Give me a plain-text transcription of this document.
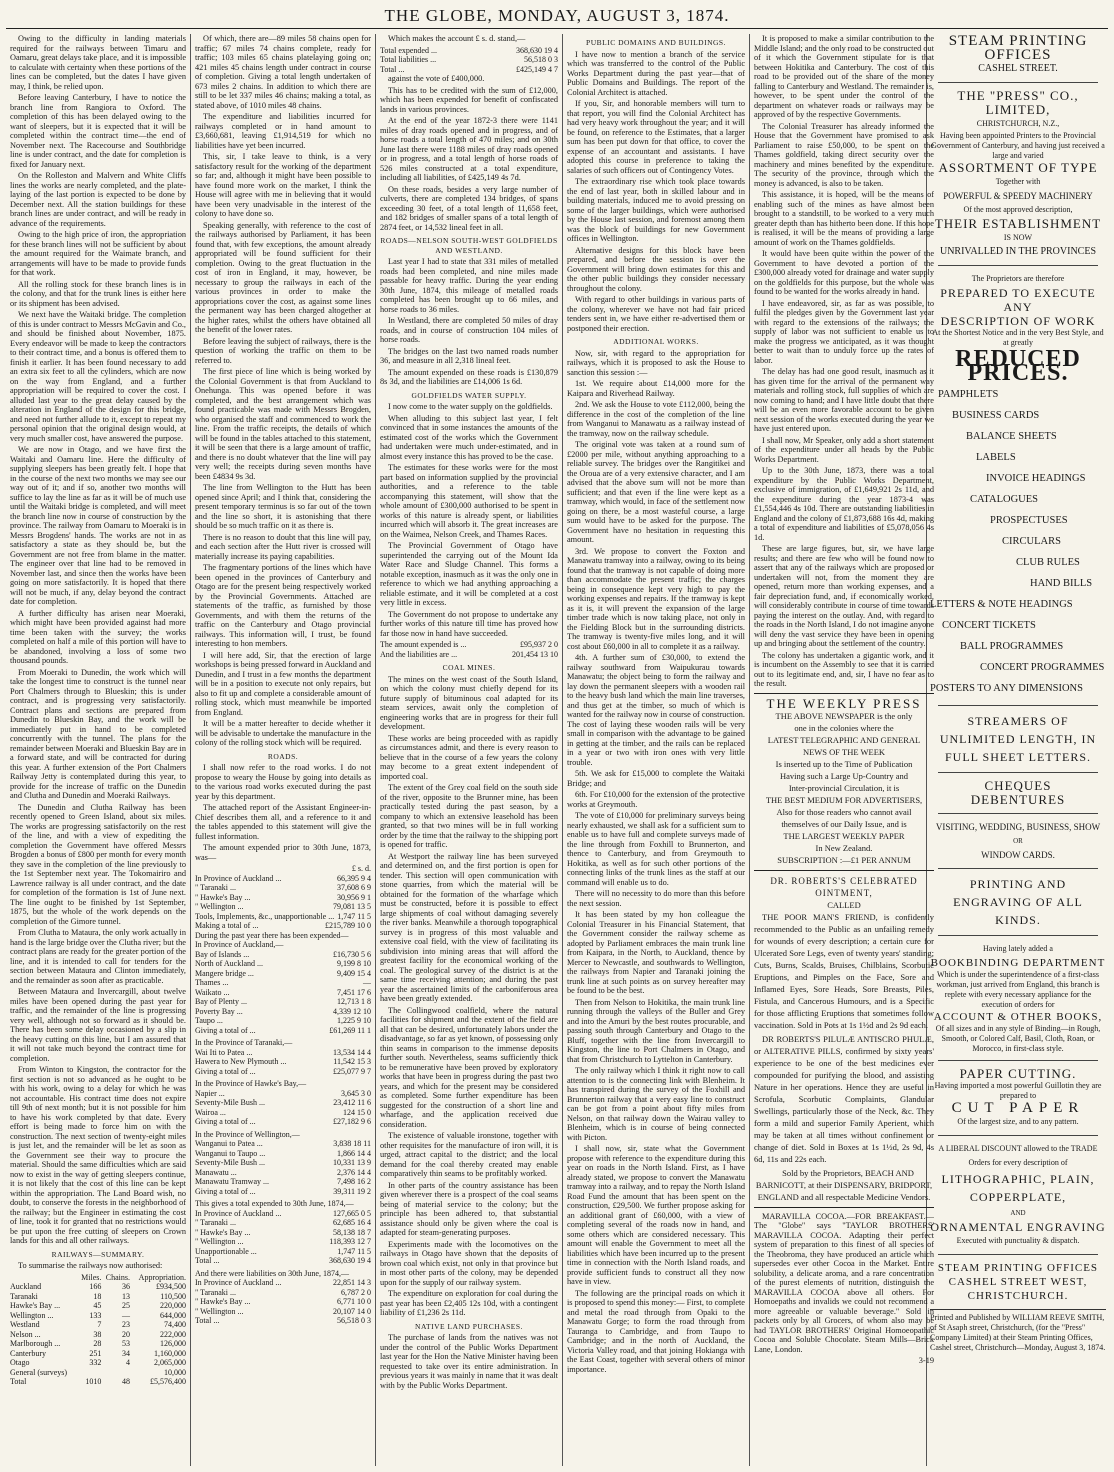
THE GLOBE, MONDAY, AUGUST 3, 1874.

Owing to the difficulty in landing materials required for the railways between Timaru and Oamaru, great delays take place, and it is impossible to calculate with certainty when these portions of the lines can be completed, but the dates I have given may, I think, be relied upon.

Before leaving Canterbury, I have to notice the branch line from Rangiora to Oxford. The completion of this has been delayed owing to the want of sleepers, but it is expected that it will be completed within the contract time—the end of November next. The Racecourse and Southbridge line is under contract, and the date for completion is fixed for January next.

On the Rolleston and Malvern and White Cliffs lines the works are nearly completed, and the plate-laying of the last portion is expected to be done by December next. All the station buildings for these branch lines are under contract, and will be ready in advance of the requirements.

Owing to the high price of iron, the appropriation for these branch lines will not be sufficient by about the amount required for the Waimate branch, and arrangements will have to be made to provide funds for that work.

All the rolling stock for these branch lines is in the colony, and that for the trunk lines is either here or its shipment has been advised.

We next have the Waitaki bridge. The completion of this is under contract to Messrs McGavin and Co., and should be finished about November, 1875. Every endeavor will be made to keep the contractors to their contract time, and a bonus is offered them to finish it earlier. It has been found necessary to add an extra six feet to all the cylinders, which are now on the way from England, and a further appropriation will be required to cover the cost. I alluded last year to the great delay caused by the alteration in England of the design for this bridge, and need not further allude to it, except to repeat my personal opinion that the original design would, at very much smaller cost, have answered the purpose.

We are now in Otago, and we have first the Waitaki and Oamaru line. Here the difficulty of supplying sleepers has been greatly felt. I hope that in the course of the next two months we may see our way out of it; and if so, another two months will suffice to lay the line as far as it will be of much use until the Waitaki bridge is completed, and will meet the branch line now in course of construction by the province. The railway from Oamaru to Moeraki is in Messrs Brogdens' hands. The works are not in as satisfactory a state as they should be, but the Government are not free from blame in the matter. The engineer over that line had to be removed in November last, and since then the works have been going on more satisfactorily. It is hoped that there will not be much, if any, delay beyond the contract date for completion.

A further difficulty has arisen near Moeraki, which might have been provided against had more time been taken with the survey; the works completed on half a mile of this portion will have to be abandoned, involving a loss of some two thousand pounds.

From Moeraki to Dunedin, the work which will take the longest time to construct is the tunnel near Port Chalmers through to Blueskin; this is under contract, and is progressing very satisfactorily. Contract plans and sections are prepared from Dunedin to Blueskin Bay, and the work will be immediately put in hand to be completed concurrently with the tunnel. The plans for the remainder between Moeraki and Blueskin Bay are in a forward state, and will be contracted for during this year. A further extension of the Port Chalmers Railway Jetty is contemplated during this year, to provide for the increase of traffic on the Dunedin and Clutha and Dunedin and Moeraki Railways.

The Dunedin and Clutha Railway has been recently opened to Green Island, about six miles. The works are progressing satisfactorily on the rest of the line, and with a view of expediting the completion the Government have offered Messrs Brogden a bonus of £800 per month for every month they save in the completion of the line previously to the 1st September next year. The Tokomairiro and Lawrence railway is all under contract, and the date for completion of the formation is 1st of June next. The line ought to be finished by 1st September, 1875, but the whole of the work depends on the completion of the Gimore tunnel.

From Clutha to Mataura, the only work actually in hand is the large bridge over the Clutha river; but the contract plans are ready for the greater portion of the line, and it is intended to call for tenders for the section between Mataura and Clinton immediately, and the remainder as soon after as practicable.

Between Mataura and Invercargill, about twelve miles have been opened during the past year for traffic, and the remainder of the line is progressing very well, although not so forward as it should be. There has been some delay occasioned by a slip in the heavy cutting on this line, but I am assured that it will not take much beyond the contract time for completion.

From Winton to Kingston, the contractor for the first section is not so advanced as he ought to be with his work, owing to a delay for which he was not accountable. His contract time does not expire till 9th of next month; but it is not possible for him to have his work completed by that date. Every effort is being made to force him on with the construction. The next section of twenty-eight miles is just let, and the remainder will be let as soon as the Government see their way to procure the material. Should the same difficulties which are said now to exist in the way of getting sleepers continue, it is not likely that the cost of this line can be kept within the appropriation. The Land Board wish, no doubt, to conserve the forests in the neighborhood of the railway; but the Engineer in estimating the cost of line, took it for granted that no restrictions would be put upon the free cutting of sleepers on Crown lands for this and all other railways.

RAILWAYS—SUMMARY.

To summarise the railways now authorised:

	Miles.	Chains.	Appropriation.
Auckland	166	36	£934,500
Taranaki	18	13	110,500
Hawke's Bay ...	45	25	220,000
Wellington ...	133	—	644,000
Westland	7	23	74,400
Nelson ...	38	20	222,000
Marlborough ...	28	53	126,000
Canterbury	251	34	1,160,000
Otago	332	4	2,065,000
General (surveys)			10,000
Total	1010	48	£5,576,400

Of which, there are—89 miles 58 chains open for traffic; 67 miles 74 chains complete, ready for traffic; 103 miles 65 chains platelaying going on; 421 miles 45 chains length under contract in course of completion. Giving a total length undertaken of 673 miles 2 chains. In addition to which there are still to be let 337 miles 46 chains; making a total, as stated above, of 1010 miles 48 chains.

The expenditure and liabilities incurred for railways completed or in hand amount to £3,660,681, leaving £1,914,519 for which no liabilities have yet been incurred.

This, sir, I take leave to think, is a very satisfactory result for the working of the department so far; and, although it might have been possible to have found more work on the market, I think the House will agree with me in believing that it would have been very unadvisable in the interest of the colony to have done so.

Speaking generally, with reference to the cost of the railways authorised by Parliament, it has been found that, with few exceptions, the amount already appropriated will be found sufficient for their completion. Owing to the great fluctuation in the cost of iron in England, it may, however, be necessary to group the railways in each of the various provinces in order to make the appropriations cover the cost, as against some lines the permanent way has been charged altogether at the higher rates, whilst the others have obtained all the benefit of the lower rates.

Before leaving the subject of railways, there is the question of working the traffic on them to be referred to.

The first piece of line which is being worked by the Colonial Government is that from Auckland to Onehunga. This was opened before it was completed, and the best arrangement which was found practicable was made with Messrs Brogden, who organised the staff and commenced to work the line. From the traffic receipts, the details of which will be found in the tables attached to this statement, it will be seen that there is a large amount of traffic, and there is no doubt whatever that the line will pay very well; the receipts during seven months have been £4834 9s 3d.

The line from Wellington to the Hutt has been opened since April; and I think that, considering the present temporary terminus is so far out of the town and the line so short, it is astonishing that there should be so much traffic on it as there is.

There is no reason to doubt that this line will pay, and each section after the Hutt river is crossed will materially increase its paying capabilities.

The fragmentary portions of the lines which have been opened in the provinces of Canterbury and Otago are for the present being respectively worked by the Provincial Governments. Attached are statements of the traffic, as furnished by those Governments, and with them the returns of the traffic on the Canterbury and Otago provincial railways. This information will, I trust, be found interesting to hon members.

I will here add, Sir, that the erection of large workshops is being pressed forward in Auckland and Dunedin, and I trust in a few months the department will be in a position to execute not only repairs, but also to fit up and complete a considerable amount of rolling stock, which must meanwhile be imported from England.

It will be a matter hereafter to decide whether it will be advisable to undertake the manufacture in the colony of the rolling stock which will be required.

ROADS.

I shall now refer to the road works. I do not propose to weary the House by going into details as to the various road works executed during the past year by this department.

The attached report of the Assistant Engineer-in-Chief describes them all, and a reference to it and the tables appended to this statement will give the fullest information.

The amount expended prior to 30th June, 1873, was—

£ s. d.
In Province of Auckland ...	66,395 9 4
" Taranaki ...	37,608 6 9
" Hawke's Bay ...	30,956 9 1
" Wellington ...	79,081 13 5
Tools, Implements, &c., unapportionable ... 1,747 11 5
Making a total of ...	£215,789 10 0
During the past year there has been expended—
In Province of Auckland,—
Bay of Islands ...	£16,730 5 6
North of Auckland ...	9,199 8 10
Mangere bridge ...	9,409 15 4
Thames ...	—
Waikato ...	7,451 17 6
Bay of Plenty ...	12,713 1 8
Poverty Bay ...	4,339 12 10
Taupo ...	1,225 9 10
Giving a total of ...	£61,269 11 1
In the Province of Taranaki,—
Wai Iti to Patea ...	13,534 14 4
Hawera to New Plymouth ...	11,542 15 3
Giving a total of ...	£25,077 9 7
In the Province of Hawke's Bay,—
Napier ...	3,645 3 0
Seventy-Mile Bush ...	23,412 11 6
Wairoa ...	124 15 0
Giving a total of ...	£27,182 9 6
In the Province of Wellington,—
Wanganui to Patea ...	3,838 18 11
Wanganui to Taupo ...	1,866 14 4
Seventy-Mile Bush ...	10,331 13 9
Manawatu ...	2,376 14 4
Manawatu Tramway ...	7,498 16 2
Giving a total of ...	39,311 19 2
This gives a total expended to 30th June, 1874,—
In Province of Auckland ...	127,665 0 5
" Taranaki ...	62,685 16 4
" Hawke's Bay ...	58,138 18 7
" Wellington ...	118,393 12 7
Unapportionable ...	1,747 11 5
Total ...	368,630 19 4
And there were liabilities on 30th June, 1874,—
In Province of Auckland ...	22,851 14 3
" Taranaki ...	6,787 2 0
" Hawke's Bay ...	6,771 10 0
" Wellington ...	20,107 14 0
Total ...	56,518 0 3

Which makes the account £ s. d. stand,—

Total expended ...	368,630 19 4
Total liabilities ...	56,518 0 3
Total ...	£425,149 4 7

against the vote of £400,000.

This has to be credited with the sum of £12,000, which has been expended for benefit of confiscated lands in various provinces.

At the end of the year 1872-3 there were 1141 miles of dray roads opened and in progress, and of horse roads a total length of 470 miles; and on 30th June last there were 1188 miles of dray roads opened or in progress, and a total length of horse roads of 526 miles constructed at a total expenditure, including all liabilities, of £425,149 4s 7d.

On these roads, besides a very large number of culverts, there are completed 134 bridges, of spans exceeding 30 feet, of a total length of 11,658 feet, and 182 bridges of smaller spans of a total length of 2874 feet, or 14,532 lineal feet in all.

ROADS—NELSON SOUTH-WEST GOLDFIELDS AND WESTLAND.

Last year I had to state that 331 miles of metalled roads had been completed, and nine miles made passable for heavy traffic. During the year ending 30th June, 1874, this mileage of metalled roads completed has been brought up to 66 miles, and horse roads to 36 miles.

In Westland, there are completed 50 miles of dray roads, and in course of construction 104 miles of horse roads.

The bridges on the last two named roads number 36, and measure in all 2,318 lineal feet.

The amount expended on these roads is £130,879 8s 3d, and the liabilities are £14,006 1s 6d.

GOLDFIELDS WATER SUPPLY.

I now come to the water supply on the goldfields.

When alluding to this subject last year, I felt convinced that in some instances the amounts of the estimated cost of the works which the Government had undertaken were much under-estimated, and in almost every instance this has proved to be the case.

The estimates for these works were for the most part based on information supplied by the provincial authorities, and a reference to the table accompanying this statement, will show that the whole amount of £300,000 authorised to be spent in works of this nature is already spent, or liabilities incurred which will absorb it. The great increases are on the Waimea, Nelson Creek, and Thames Races.

The Provincial Government of Otago have superintended the carrying out of the Mount Ida Water Race and Sludge Channel. This forms a notable exception, inasmuch as it was the only one in reference to which we had anything approaching a reliable estimate, and it will be completed at a cost very little in excess.

The Government do not propose to undertake any further works of this nature till time has proved how far those now in hand have succeeded.

The amount expended is ...	£95,937 2 0
And the liabilities are ...	201,454 13 10
COAL MINES.

The mines on the west coast of the South Island, on which the colony must chiefly depend for its future supply of bituminous coal adapted for its steam services, await only the completion of engineering works that are in progress for their full development.

These works are being proceeded with as rapidly as circumstances admit, and there is every reason to believe that in the course of a few years the colony may become to a great extent independent of imported coal.

The extent of the Grey coal field on the south side of the river, opposite to the Brunner mine, has been practically tested during the past season, by a company to which an extensive leasehold has been granted, so that two mines will be in full working order by the time that the railway to the shipping port is opened for traffic.

At Westport the railway line has been surveyed and determined on, and the first portion is open for tender. This section will open communication with stone quarries, from which the material will be obtained for the formation of the wharfage which must be constructed, before it is possible to effect large shipments of coal without damaging severely the river banks. Meanwhile a thorough topographical survey is in progress of this most valuable and extensive coal field, with the view of facilitating its subdivision into mining areas that will afford the greatest facility for the economical working of the coal. The geological survey of the district is at the same time receiving attention; and during the past year the ascertained limits of the carboniferous area have been greatly extended.

The Collingwood coalfield, where the natural facilities for shipment and the extent of the field are all that can be desired, unfortunately labors under the disadvantage, so far as yet known, of possessing only thin seams in comparison to the immense deposits further south. Nevertheless, seams sufficiently thick to be remunerative have been proved by exploratory works that have been in progress during the past two years, and which for the present may be considered as completed. Some further expenditure has been suggested for the construction of a short line and wharfage, and the application received due consideration.

The existence of valuable ironstone, together with other requisites for the manufacture of iron will, it is urged, attract capital to the district; and the local demand for the coal thereby created may enable comparatively thin seams to be profitably worked.

In other parts of the country assistance has been given wherever there is a prospect of the coal seams being of material service to the colony; but the principle has been adhered to, that substantial assistance should only be given where the coal is adapted for steam-generating purposes.

Experiments made with the locomotives on the railways in Otago have shown that the deposits of brown coal which exist, not only in that province but in most other parts of the colony, may be depended upon for the supply of our railway system.

The expenditure on exploration for coal during the past year has been £2,405 12s 10d, with a contingent liability of £1,236 2s 11d.

NATIVE LAND PURCHASES.

The purchase of lands from the natives was not under the control of the Public Works Department last year for the Hon the Native Minister having been requested to take over its entire administration. In previous years it was mainly in name that it was dealt with by the Public Works Department.

PUBLIC DOMAINS AND BUILDINGS.

I have now to mention a branch of the service which was transferred to the control of the Public Works Department during the past year—that of Public Domains and Buildings. The report of the Colonial Architect is attached.

If you, Sir, and honorable members will turn to that report, you will find the Colonial Architect has had very heavy work throughout the year; and it will be found, on reference to the Estimates, that a larger sum has been put down for that office, to cover the expense of an accountant and assistants. I have adopted this course in preference to taking the salaries of such officers out of Contingency Votes.

The extraordinary rise which took place towards the end of last year, both in skilled labour and in building materials, induced me to avoid pressing on some of the larger buildings, which were authorised by the House last session, and foremost among them was the block of buildings for new Government offices in Wellington.

Alternative designs for this block have been prepared, and before the session is over the Government will bring down estimates for this and the other public buildings they consider necessary throughout the colony.

With regard to other buildings in various parts of the colony, wherever we have not had fair priced tenders sent in, we have either re-advertised them or postponed their erection.

ADDITIONAL WORKS.

Now, sir, with regard to the appropriation for railways, which it is proposed to ask the House to sanction this session :—

1st. We require about £14,000 more for the Kaipara and Riverhead Railway.

2nd. We ask the House to vote £112,000, being the difference in the cost of the completion of the line from Wanganui to Manawatu as a railway instead of the tramway, now on the railway schedule.

The original vote was taken at a round sum of £2000 per mile, without anything approaching to a reliable survey. The bridges over the Rangitikei and the Oroua are of a very extensive character, and I am advised that the above sum will not be more than sufficient; and that even if the line were kept as a tramway, which would, in face of the settlement now going on there, be a most wasteful course, a large sum would have to be asked for the purpose. The Government have no hesitation in requesting this amount.

3rd. We propose to convert the Foxton and Manawatu tramway into a railway, owing to its being found that the tramway is not capable of doing more than accommodate the present traffic; the charges being in consequence kept very high to pay the working expenses and repairs. If the tramway is kept as it is, it will prevent the expansion of the large timber trade which is now taking place, not only in the Fielding Block but in the surrounding districts. The tramway is twenty-five miles long, and it will cost about £60,000 in all to complete it as a railway.

4th. A further sum of £30,000, to extend the railway southward from Waipukurau towards Manawatu; the object being to form the railway and lay down the permanent sleepers with a wooden rail to the heavy bush land which the main line traverses, and thus get at the timber, so much of which is wanted for the railway now in course of construction. The cost of laying these wooden rails will be very small in comparison with the advantage to be gained in getting at the timber, and the rails can be replaced in a year or two with iron ones with very little trouble.

5th. We ask for £15,000 to complete the Waitaki Bridge; and

6th. For £10,000 for the extension of the protective works at Greymouth.

The vote of £10,000 for preliminary surveys being nearly exhausted, we shall ask for a sufficient sum to enable us to have full and complete surveys made of the line through from Foxhill to Brunnerton, and thence to Canterbury, and from Greymouth to Hokitika, as well as for such other portions of the connecting links of the trunk lines as the staff at our command will enable us to do.

There will no necessity to do more than this before the next session.

It has been stated by my hon colleague the Colonial Treasurer in his Financial Statement, that the Government consider the railway scheme as adopted by Parliament embraces the main trunk line from Kaipara, in the North, to Auckland, thence by Mercer to Newcastle, and southwards to Wellington, the railways from Napier and Taranaki joining the trunk line at such points as on survey hereafter may be found to be the best.

Then from Nelson to Hokitika, the main trunk line running through the valleys of the Buller and Grey and into the Amuri by the best routes procurable, and passing south through Canterbury and Otago to the Bluff, together with the line from Invercargill to Kingston, the line to Port Chalmers in Otago, and that from Christchurch to Lyttelton in Canterbury.

The only railway which I think it right now to call attention to is the connecting link with Blenheim. It has transpired during the survey of the Foxhill and Brunnerton railway that a very easy line to construct can be got from a point about fifty miles from Nelson, on that railway down the Wairau valley to Blenheim, which is in course of being connected with Picton.

I shall now, sir, state what the Government propose with reference to the expenditure during this year on roads in the North Island. First, as I have already stated, we propose to convert the Manawatu tramway into a railway, and to repay the North Island Road Fund the amount that has been spent on the construction, £29,500. We further propose asking for an additional grant of £60,000, with a view of completing several of the roads now in hand, and some others which are considered necessary. This amount will enable the Government to meet all the liabilities which have been incurred up to the present time in connection with the North Island roads, and provide sufficient funds to construct all they now have in view.

The following are the principal roads on which it is proposed to spend this money:— First, to complete and metal the road through from Opaki to the Manawatu Gorge; to form the road through from Tauranga to Cambridge, and from Taupo to Cambridge; and in the north of Auckland, the Victoria Valley road, and that joining Hokianga with the East Coast, together with several others of minor importance.

It is proposed to make a similar contribution to the Middle Island; and the only road to be constructed out of it which the Government stipulate for is that between Hokitika and Canterbury. The cost of this road to be provided out of the share of the money falling to Canterbury and Westland. The remainder is, however, to be spent under the control of the department on whatever roads or railways may be approved of by the respective Governments.

The Colonial Treasurer has already informed the House that the Government have promised to ask Parliament to raise £50,000, to be spent on the Thames goldfield, taking direct security over the machinery and mines benefited by the expenditure. The security of the province, through which the money is advanced, is also to be taken.

This assistance, it is hoped, will be the means of enabling such of the mines as have almost been brought to a standstill, to be worked to a very much greater depth than has hitherto been done. If this hope is realised, it will be the means of providing a large amount of work on the Thames goldfields.

It would have been quite within the power of the Government to have devoted a portion of the £300,000 already voted for drainage and water supply on the goldfields for this purpose, but the whole was found to be wanted for the works already in hand.

I have endeavored, sir, as far as was possible, to fulfil the pledges given by the Government last year with regard to the extensions of the railways; the supply of labor was not sufficient to enable us to make the progress we anticipated, as it was thought better to wait than to unduly force up the rates of labor.

The delay has had one good result, inasmuch as it has given time for the arrival of the permanent way materials and rolling stock, full supplies of which are now coming to hand; and I have little doubt that there will be an even more favorable account to be given next session of the works executed during the year we have just entered upon.

I shall now, Mr Speaker, only add a short statement of the expenditure under all heads by the Public Works Department.

Up to the 30th June, 1873, there was a total expenditure by the Public Works Department, exclusive of immigration, of £1,649,921 2s 11d, and the expenditure during the year 1873-4 was £1,554,446 4s 10d. There are outstanding liabilities in England and the colony of £1,873,688 16s 4d, making a total of expenditure and liabilities of £5,078,056 4s 1d.

These are large figures, but, sir, we have large results; and there are few who will be found now to assert that any of the railways which are proposed or undertaken will not, from the moment they are opened, return more than working expenses, and a fair depreciation fund, and, if economically worked, will considerably contribute in course of time towards paying the interest on the outlay. And, with regard to the roads in the North Island, I do not imagine anyone will deny the vast service they have been in opening up and bringing about the settlement of the country.

The colony has undertaken a gigantic work, and it is incumbent on the Assembly to see that it is carried out to its legitimate end, and, sir, I have no fear as to the result.

THE WEEKLY PRESS
THE ABOVE NEWSPAPER is the only
one in the colonies where the
LATEST TELEGRAPHIC AND GENERAL
NEWS OF THE WEEK
Is inserted up to the Time of Publication
Having such a Large Up-Country and
Inter-provincial Circulation, it is
THE BEST MEDIUM FOR ADVERTISERS,
Also for those readers who cannot avail
themselves of our Daily Issue, and is
THE LARGEST WEEKLY PAPER
In New Zealand.
SUBSCRIPTION :—£1 PER ANNUM
DR. ROBERTS'S CELEBRATED OINTMENT,
CALLED

THE POOR MAN'S FRIEND, is confidently recommended to the Public as an unfailing remedy for wounds of every description; a certain cure for Ulcerated Sore Legs, even of twenty years' standing; Cuts, Burns, Scalds, Bruises, Chilblains, Scorbutic Eruptions, and Pimples on the Face, Sore and Inflamed Eyes, Sore Heads, Sore Breasts, Piles, Fistula, and Cancerous Humours, and is a Specific for those afflicting Eruptions that sometimes follow vaccination. Sold in Pots at 1s 1½d and 2s 9d each.

DR ROBERTS'S PILULÆ ANTISCRO PHULÆ, or ALTERATIVE PILLS, confirmed by sixty years' experience to be one of the best medicines ever compounded for purifying the blood, and assisting Nature in her operations. Hence they are useful in Scrofula, Scorbutic Complaints, Glandular Swellings, particularly those of the Neck, &c. They form a mild and superior Family Aperient, which may be taken at all times without confinement or change of diet. Sold in Boxes at 1s 1½d, 2s 9d, 4s 6d, 11s and 22s each.

Sold by the Proprietors, BEACH AND BARNICOTT, at their DISPENSARY, BRIDPORT, ENGLAND and all respectable Medicine Vendors.

MARAVILLA COCOA.—FOR BREAKFAST.—The "Globe" says "TAYLOR BROTHERS' MARAVILLA COCOA. Adapting their perfect system of preparation to this finest of all species of the Theobroma, they have produced an article which supersedes ever other Cocoa in the Market. Entire solubility, a delicate aroma, and a rare concentration of the purest elements of nutrition, distinguish the MARAVILLA COCOA above all others. For Homoepaths and invalids we could not recommend a more agreeable or valuable beverage." Sold in packets only by all Grocers, of whom also may be had TAYLOR BROTHERS' Original Homoeopathic Cocoa and Soluble Chocolate. Steam Mills—Brick Lane, London.

3-19
STEAM PRINTING OFFICES
CASHEL STREET.
THE "PRESS" CO., LIMITED,
CHRISTCHURCH, N.Z.,
Having been appointed Printers to the Provincial Government of Canterbury, and having just received a large and varied
ASSORTMENT OF TYPE
Together with
POWERFUL & SPEEDY MACHINERY
Of the most approved description,
THEIR ESTABLISHMENT
IS NOW
UNRIVALLED IN THE PROVINCES
The Proprietors are therefore
PREPARED TO EXECUTE ANY
DESCRIPTION OF WORK
At the Shortest Notice and in the very Best Style, and at greatly
REDUCED PRICES.
PAMPHLETS
BUSINESS CARDS
BALANCE SHEETS
LABELS
INVOICE HEADINGS
CATALOGUES
PROSPECTUSES
CIRCULARS
CLUB RULES
HAND BILLS
LETTERS & NOTE HEADINGS
CONCERT TICKETS
BALL PROGRAMMES
CONCERT PROGRAMMES
POSTERS TO ANY DIMENSIONS
STREAMERS OF UNLIMITED LENGTH, IN FULL SHEET LETTERS.
CHEQUES
DEBENTURES
VISITING, WEDDING, BUSINESS, SHOW
OR
WINDOW CARDS.
PRINTING AND ENGRAVING OF ALL KINDS.
Having lately added a
BOOKBINDING DEPARTMENT
Which is under the superintendence of a first-class workman, just arrived from England, this branch is replete with every necessary appliance for the execution of orders for
ACCOUNT & OTHER BOOKS,
Of all sizes and in any style of Binding—in Rough, Smooth, or Colored Calf, Basil, Cloth, Roan, or Morocco, in first-class style.
PAPER CUTTING.
Having imported a most powerful Guillotin they are prepared to
CUT PAPER
Of the largest size, and to any pattern.
A LIBERAL DISCOUNT allowed to the TRADE
Orders for every description of
LITHOGRAPHIC, PLAIN, COPPERPLATE,
AND
ORNAMENTAL ENGRAVING
Executed with punctuality & dispatch.
STEAM PRINTING OFFICES
CASHEL STREET WEST,
CHRISTCHURCH.
Printed and Published by WILLIAM REEVE SMITH, of St Asaph street, Christchurch, (for the "Press" Company Limited) at their Steam Printing Offices, Cashel street, Christchurch—Monday, August 3, 1874.
